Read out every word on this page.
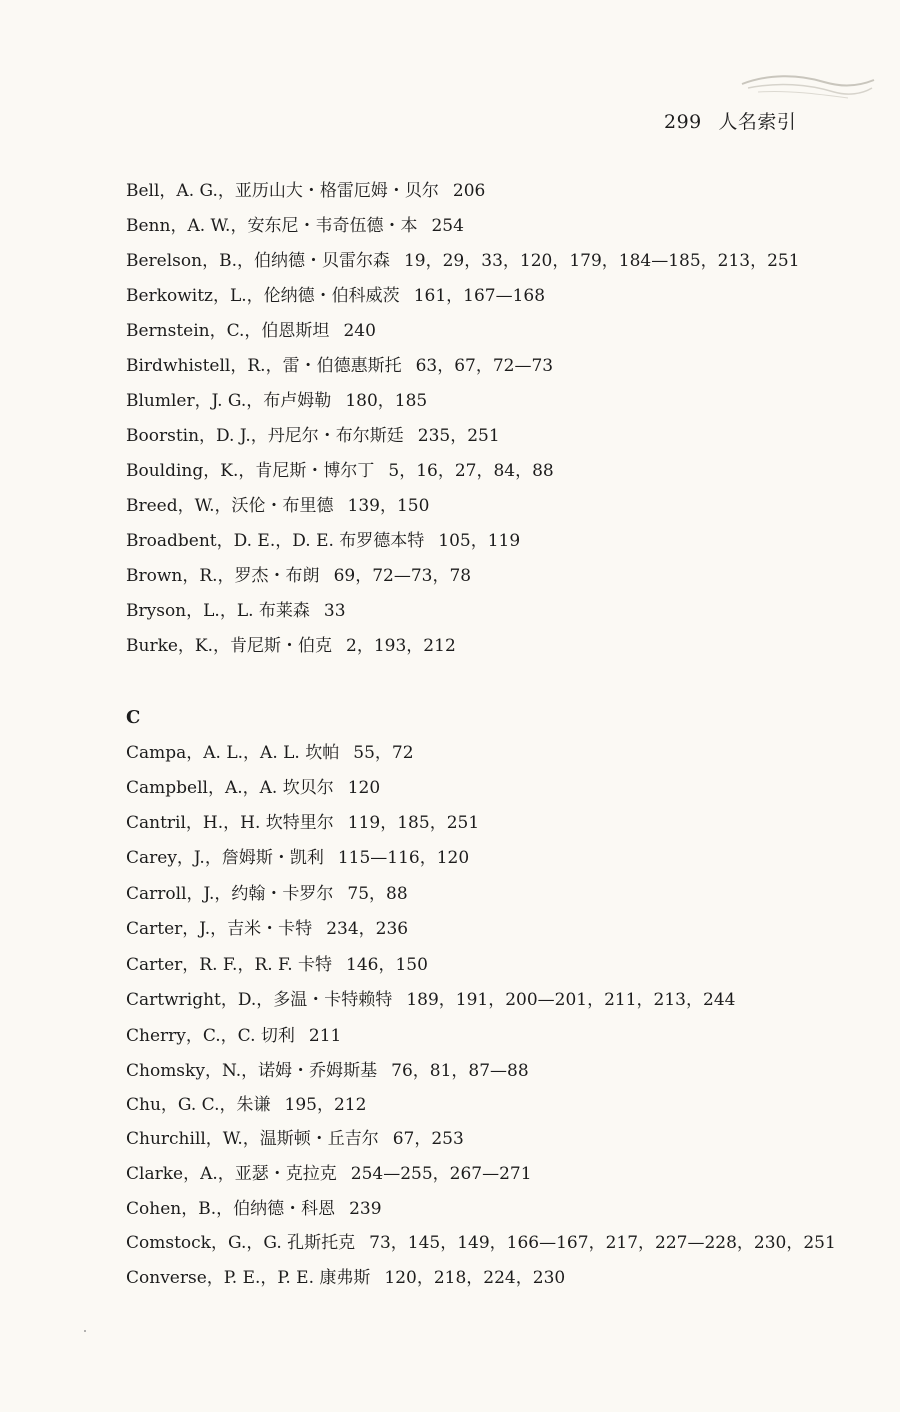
299 人名索引
Bell，A. G.，亚历山大・格雷厄姆・贝尔 206
Benn，A. W.，安东尼・韦奇伍德・本 254
Berelson，B.，伯纳德・贝雷尔森 19，29，33，120，179，184—185，213，251
Berkowitz，L.，伦纳德・伯科威茨 161，167—168
Bernstein，C.，伯恩斯坦 240
Birdwhistell，R.，雷・伯德惠斯托 63，67，72—73
Blumler，J. G.，布卢姆勒 180，185
Boorstin，D. J.，丹尼尔・布尔斯廷 235，251
Boulding，K.，肯尼斯・博尔丁 5，16，27，84，88
Breed，W.，沃伦・布里德 139，150
Broadbent，D. E.，D. E. 布罗德本特 105，119
Brown，R.，罗杰・布朗 69，72—73，78
Bryson，L.，L. 布莱森 33
Burke，K.，肯尼斯・伯克 2，193，212
C
Campa，A. L.，A. L. 坎帕 55，72
Campbell，A.，A. 坎贝尔 120
Cantril，H.，H. 坎特里尔 119，185，251
Carey，J.，詹姆斯・凯利 115—116，120
Carroll，J.，约翰・卡罗尔 75，88
Carter，J.，吉米・卡特 234，236
Carter，R. F.，R. F. 卡特 146，150
Cartwright，D.，多温・卡特赖特 189，191，200—201，211，213，244
Cherry，C.，C. 切利 211
Chomsky，N.，诺姆・乔姆斯基 76，81，87—88
Chu，G. C.，朱谦 195，212
Churchill，W.，温斯顿・丘吉尔 67，253
Clarke，A.，亚瑟・克拉克 254—255，267—271
Cohen，B.，伯纳德・科恩 239
Comstock，G.，G. 孔斯托克 73，145，149，166—167，217，227—228，230，251
Converse，P. E.，P. E. 康弗斯 120，218，224，230
